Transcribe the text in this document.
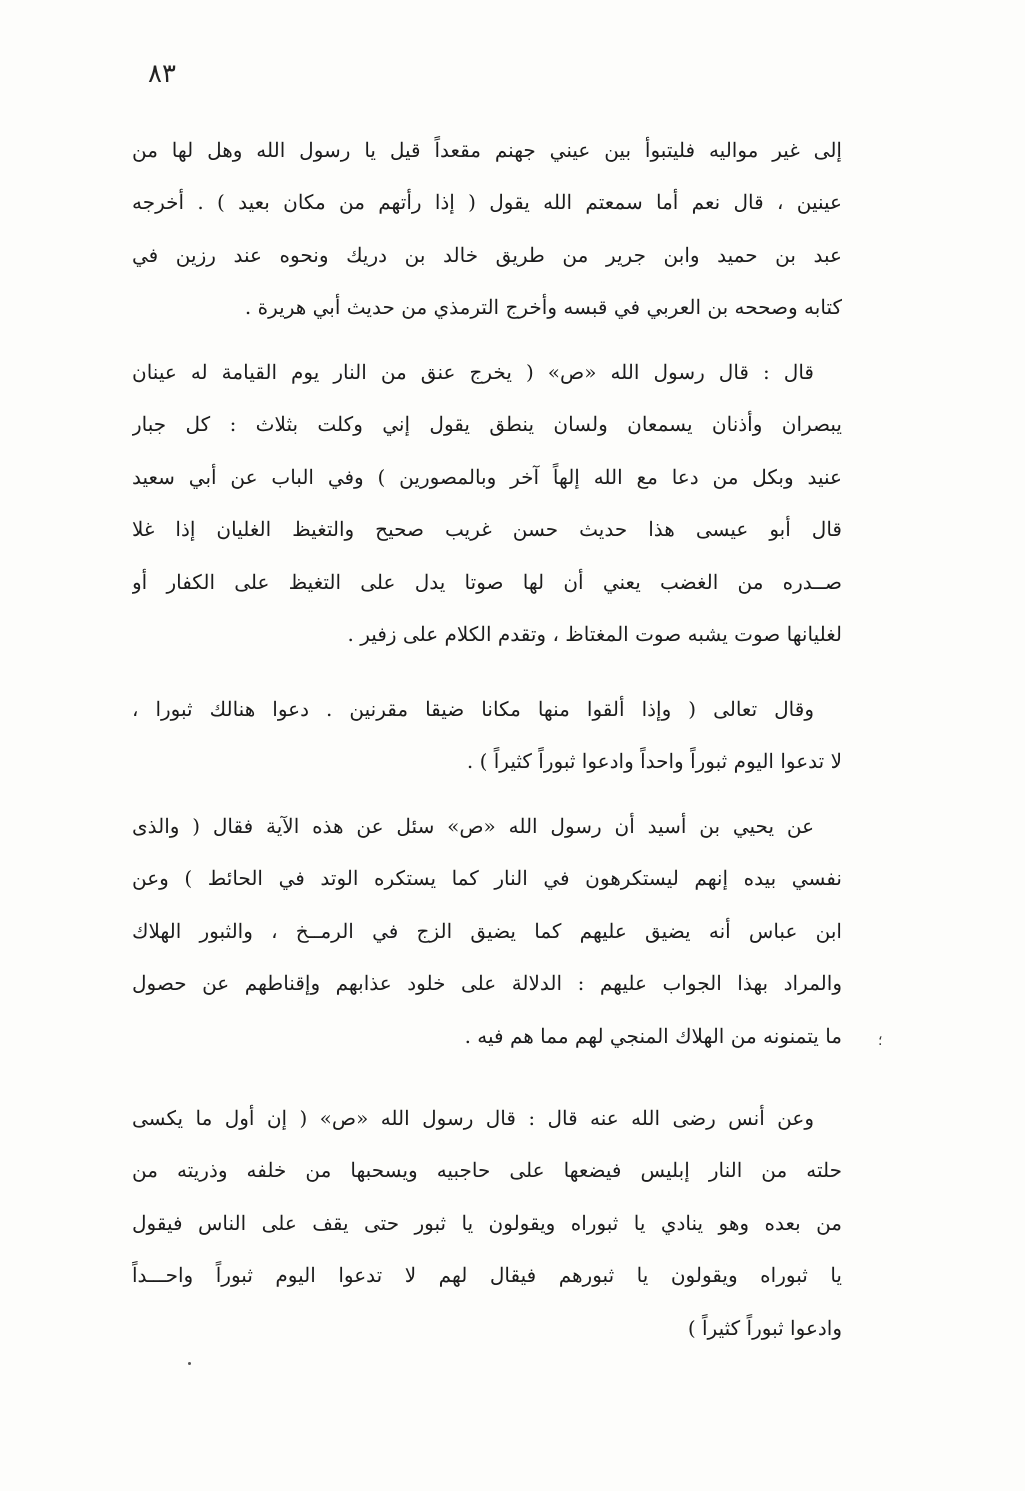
٨٣
إلى غير مواليه فليتبوأ بين عيني جهنم مقعداً قيل يا رسول الله وهل لها من
عينين ، قال نعم أما سمعتم الله يقول ( إذا رأتهم من مكان بعيد ) . أخرجه
عبد بن حميد وابن جرير من طريق خالد بن دريك ونحوه عند رزين في
كتابه وصححه بن العربي في قبسه وأخرج الترمذي من حديث أبي هريرة .
قال : قال رسول الله «ص» ( يخرج عنق من النار يوم القيامة له عينان
يبصران وأذنان يسمعان ولسان ينطق يقول إني وكلت بثلاث : كل جبار
عنيد وبكل من دعا مع الله إلهاً آخر وبالمصورين ) وفي الباب عن أبي سعيد
قال أبو عيسى هذا حديث حسن غريب صحيح والتغيظ الغليان إذا غلا
صــدره من الغضب يعني أن لها صوتا يدل على التغيظ على الكفار أو
لغليانها صوت يشبه صوت المغتاظ ، وتقدم الكلام على زفير .
وقال تعالى ( وإذا ألقوا منها مكانا ضيقا مقرنين . دعوا هنالك ثبورا ،
لا تدعوا اليوم ثبوراً واحداً وادعوا ثبوراً كثيراً ) .
عن يحيي بن أسيد أن رسول الله «ص» سئل عن هذه الآية فقال ( والذى
نفسي بيده إنهم ليستكرهون في النار كما يستكره الوتد في الحائط ) وعن
ابن عباس أنه يضيق عليهم كما يضيق الزج في الرمــخ ، والثبور الهلاك
والمراد بهذا الجواب عليهم : الدلالة على خلود عذابهم وإقناطهم عن حصول
ما يتمنونه من الهلاك المنجي لهم مما هم فيه .	؛
وعن أنس رضى الله عنه قال : قال رسول الله «ص» ( إن أول ما يكسى
حلته من النار إبليس فيضعها على حاجبيه ويسحبها من خلفه وذريته من
من بعده وهو ينادي يا ثبوراه ويقولون يا ثبور حتى يقف على الناس فيقول
يا ثبوراه ويقولون يا ثبورهم فيقال لهم لا تدعوا اليوم ثبوراً واحـــداً
وادعوا ثبوراً كثيراً )
